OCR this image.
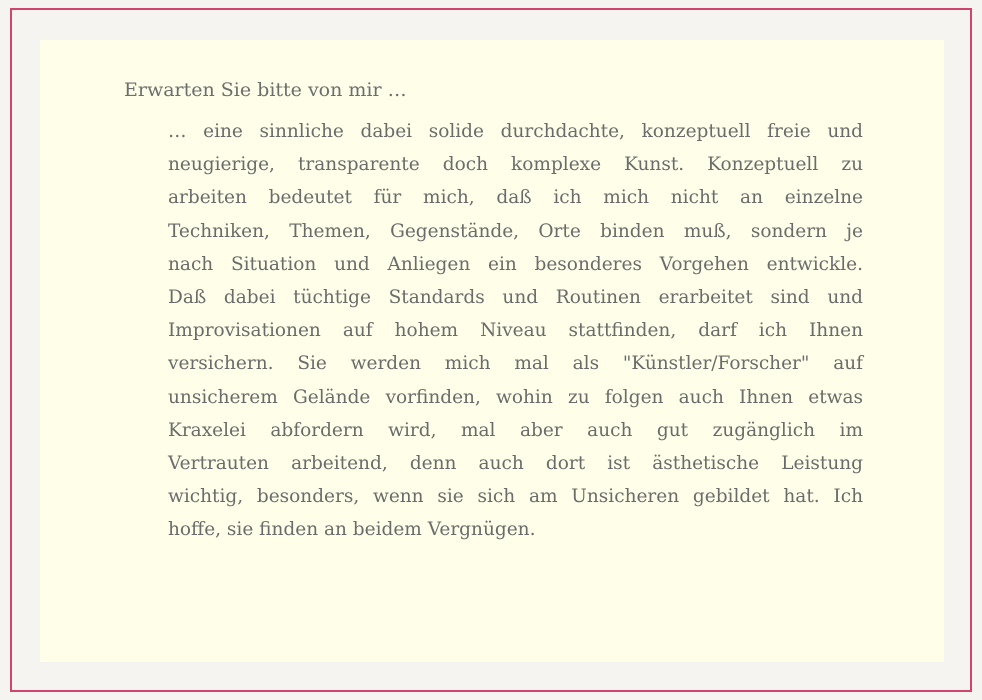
Erwarten Sie bitte von mir …

… eine sinnliche dabei solide durchdachte, konzeptuell freie und
neugierige, transparente doch komplexe Kunst. Konzeptuell zu
arbeiten bedeutet für mich, daß ich mich nicht an einzelne
Techniken, Themen, Gegenstände, Orte binden muß, sondern je
nach Situation und Anliegen ein besonderes Vorgehen entwickle.
Daß dabei tüchtige Standards und Routinen erarbeitet sind und
Improvisationen auf hohem Niveau stattfinden, darf ich Ihnen
versichern. Sie werden mich mal als "Künstler/Forscher" auf
unsicherem Gelände vorfinden, wohin zu folgen auch Ihnen etwas
Kraxelei abfordern wird, mal aber auch gut zugänglich im
Vertrauten arbeitend, denn auch dort ist ästhetische Leistung
wichtig, besonders, wenn sie sich am Unsicheren gebildet hat. Ich
hoffe, sie finden an beidem Vergnügen.
